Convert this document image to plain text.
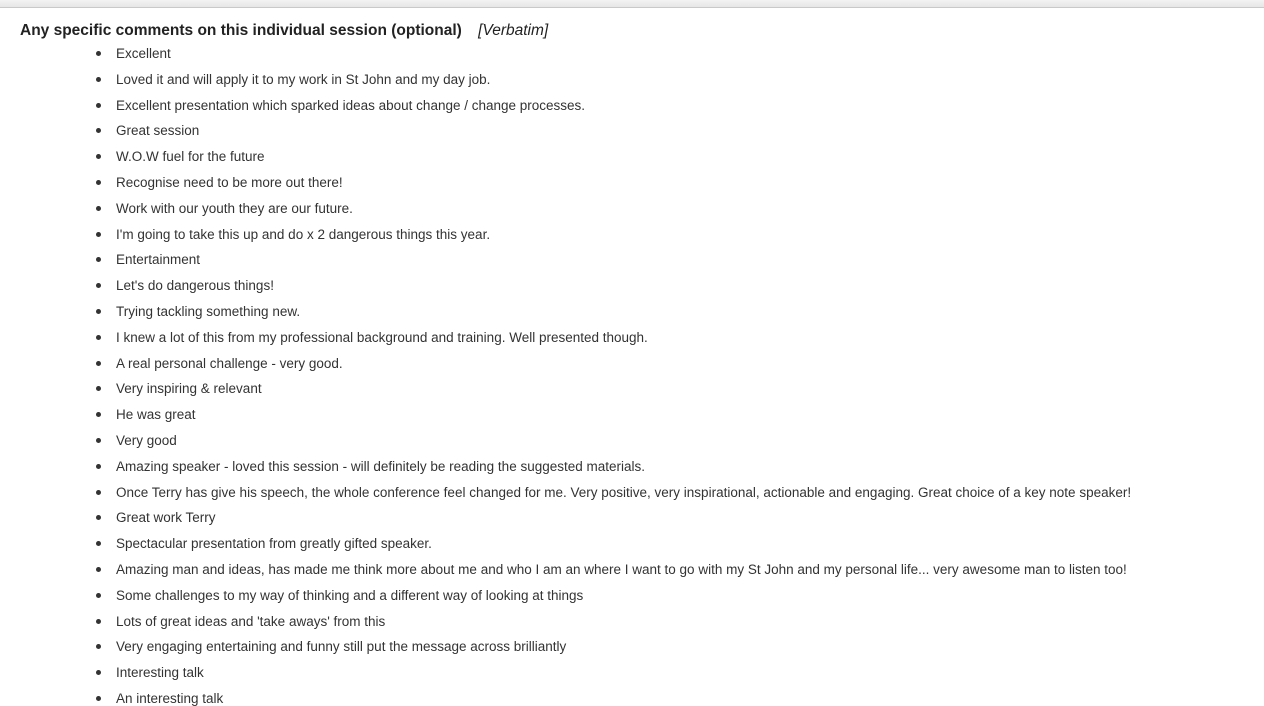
Any specific comments on this individual session (optional) [Verbatim]
Excellent
Loved it and will apply it to my work in St John and my day job.
Excellent presentation which sparked ideas about change / change processes.
Great session
W.O.W fuel for the future
Recognise need to be more out there!
Work with our youth they are our future.
I'm going to take this up and do x 2 dangerous things this year.
Entertainment
Let's do dangerous things!
Trying tackling something new.
I knew a lot of this from my professional background and training. Well presented though.
A real personal challenge - very good.
Very inspiring & relevant
He was great
Very good
Amazing speaker - loved this session - will definitely be reading the suggested materials.
Once Terry has give his speech, the whole conference feel changed for me. Very positive, very inspirational, actionable and engaging. Great choice of a key note speaker!
Great work Terry
Spectacular presentation from greatly gifted speaker.
Amazing man and ideas, has made me think more about me and who I am an where I want to go with my St John and my personal life... very awesome man to listen too!
Some challenges to my way of thinking and a different way of looking at things
Lots of great ideas and 'take aways' from this
Very engaging entertaining and funny still put the message across brilliantly
Interesting talk
An interesting talk
